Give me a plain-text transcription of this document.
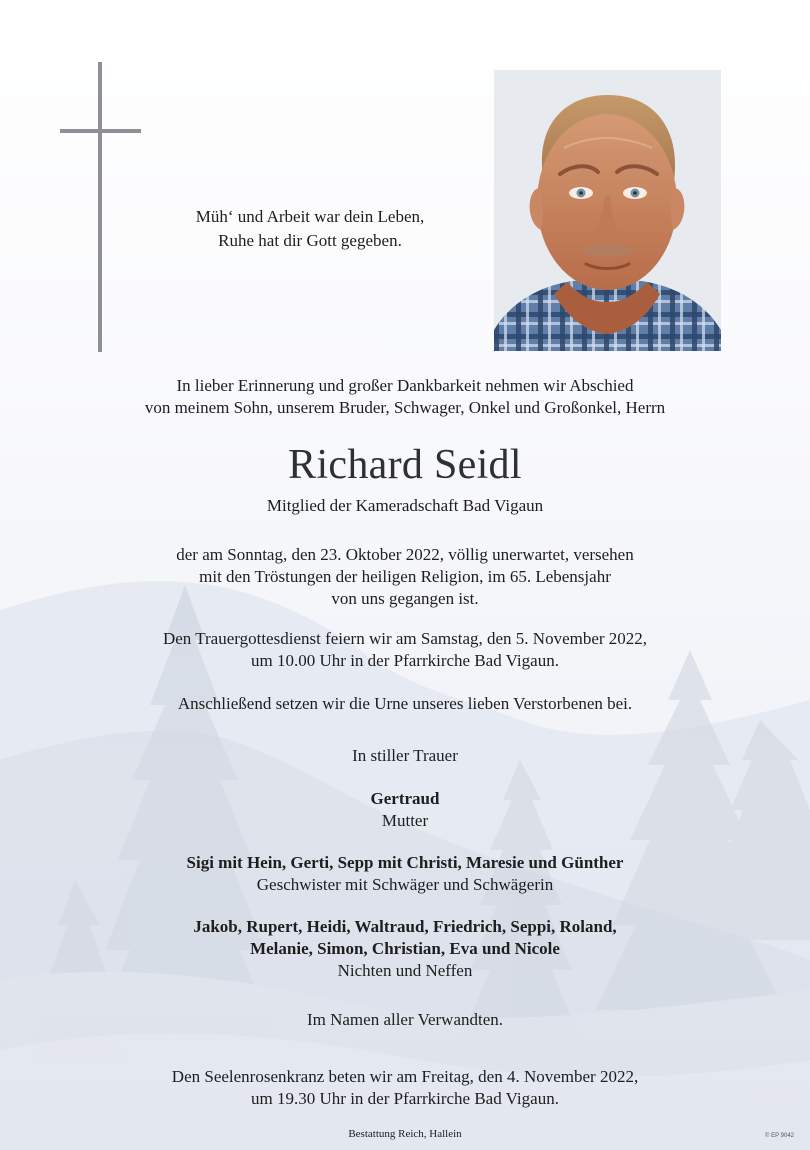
Müh‘ und Arbeit war dein Leben,
Ruhe hat dir Gott gegeben.
In lieber Erinnerung und großer Dankbarkeit nehmen wir Abschied
von meinem Sohn, unserem Bruder, Schwager, Onkel und Großonkel, Herrn
Richard Seidl
Mitglied der Kameradschaft Bad Vigaun
der am Sonntag, den 23. Oktober 2022, völlig unerwartet, versehen
mit den Tröstungen der heiligen Religion, im 65. Lebensjahr
von uns gegangen ist.
Den Trauergottesdienst feiern wir am Samstag, den 5. November 2022,
um 10.00 Uhr in der Pfarrkirche Bad Vigaun.
Anschließend setzen wir die Urne unseres lieben Verstorbenen bei.
In stiller Trauer
Gertraud
Mutter
Sigi mit Hein, Gerti, Sepp mit Christi, Maresie und Günther
Geschwister mit Schwäger und Schwägerin
Jakob, Rupert, Heidi, Waltraud, Friedrich, Seppi, Roland,
Melanie, Simon, Christian, Eva und Nicole
Nichten und Neffen
Im Namen aller Verwandten.
Den Seelenrosenkranz beten wir am Freitag, den 4. November 2022,
um 19.30 Uhr in der Pfarrkirche Bad Vigaun.
Bestattung Reich, Hallein	© EP 9042
